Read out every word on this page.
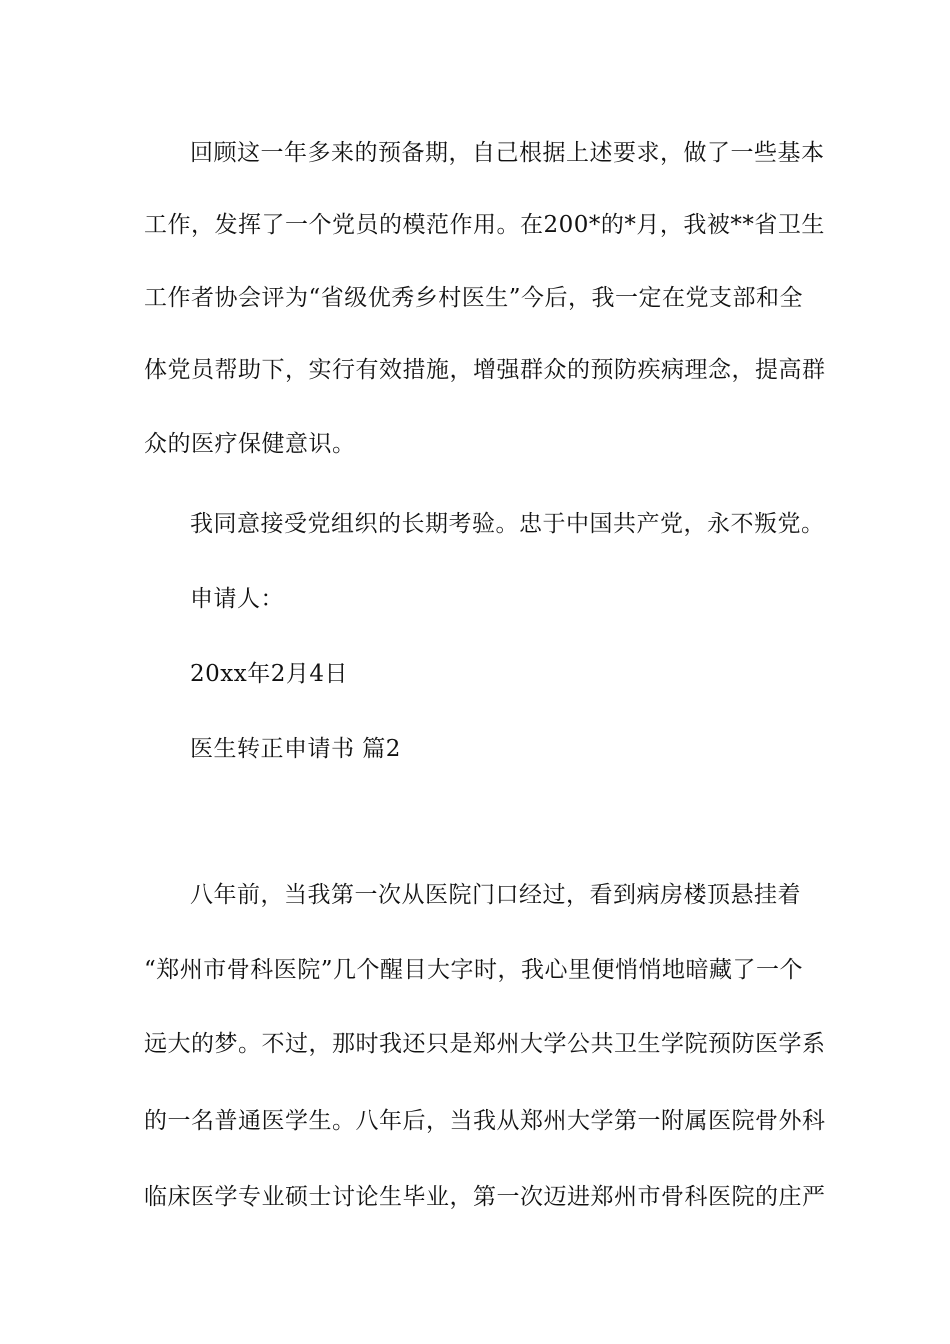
回顾这一年多来的预备期，自己根据上述要求，做了一些基本
工作，发挥了一个党员的模范作用。在200*的*月，我被**省卫生
工作者协会评为“省级优秀乡村医生”今后，我一定在党支部和全
体党员帮助下，实行有效措施，增强群众的预防疾病理念，提高群
众的医疗保健意识。
我同意接受党组织的长期考验。忠于中国共产党，永不叛党。
申请人：
20xx年2月4日
医生转正申请书 篇2
八年前，当我第一次从医院门口经过，看到病房楼顶悬挂着
“郑州市骨科医院”几个醒目大字时，我心里便悄悄地暗藏了一个
远大的梦。不过，那时我还只是郑州大学公共卫生学院预防医学系
的一名普通医学生。八年后，当我从郑州大学第一附属医院骨外科
临床医学专业硕士讨论生毕业，第一次迈进郑州市骨科医院的庄严
